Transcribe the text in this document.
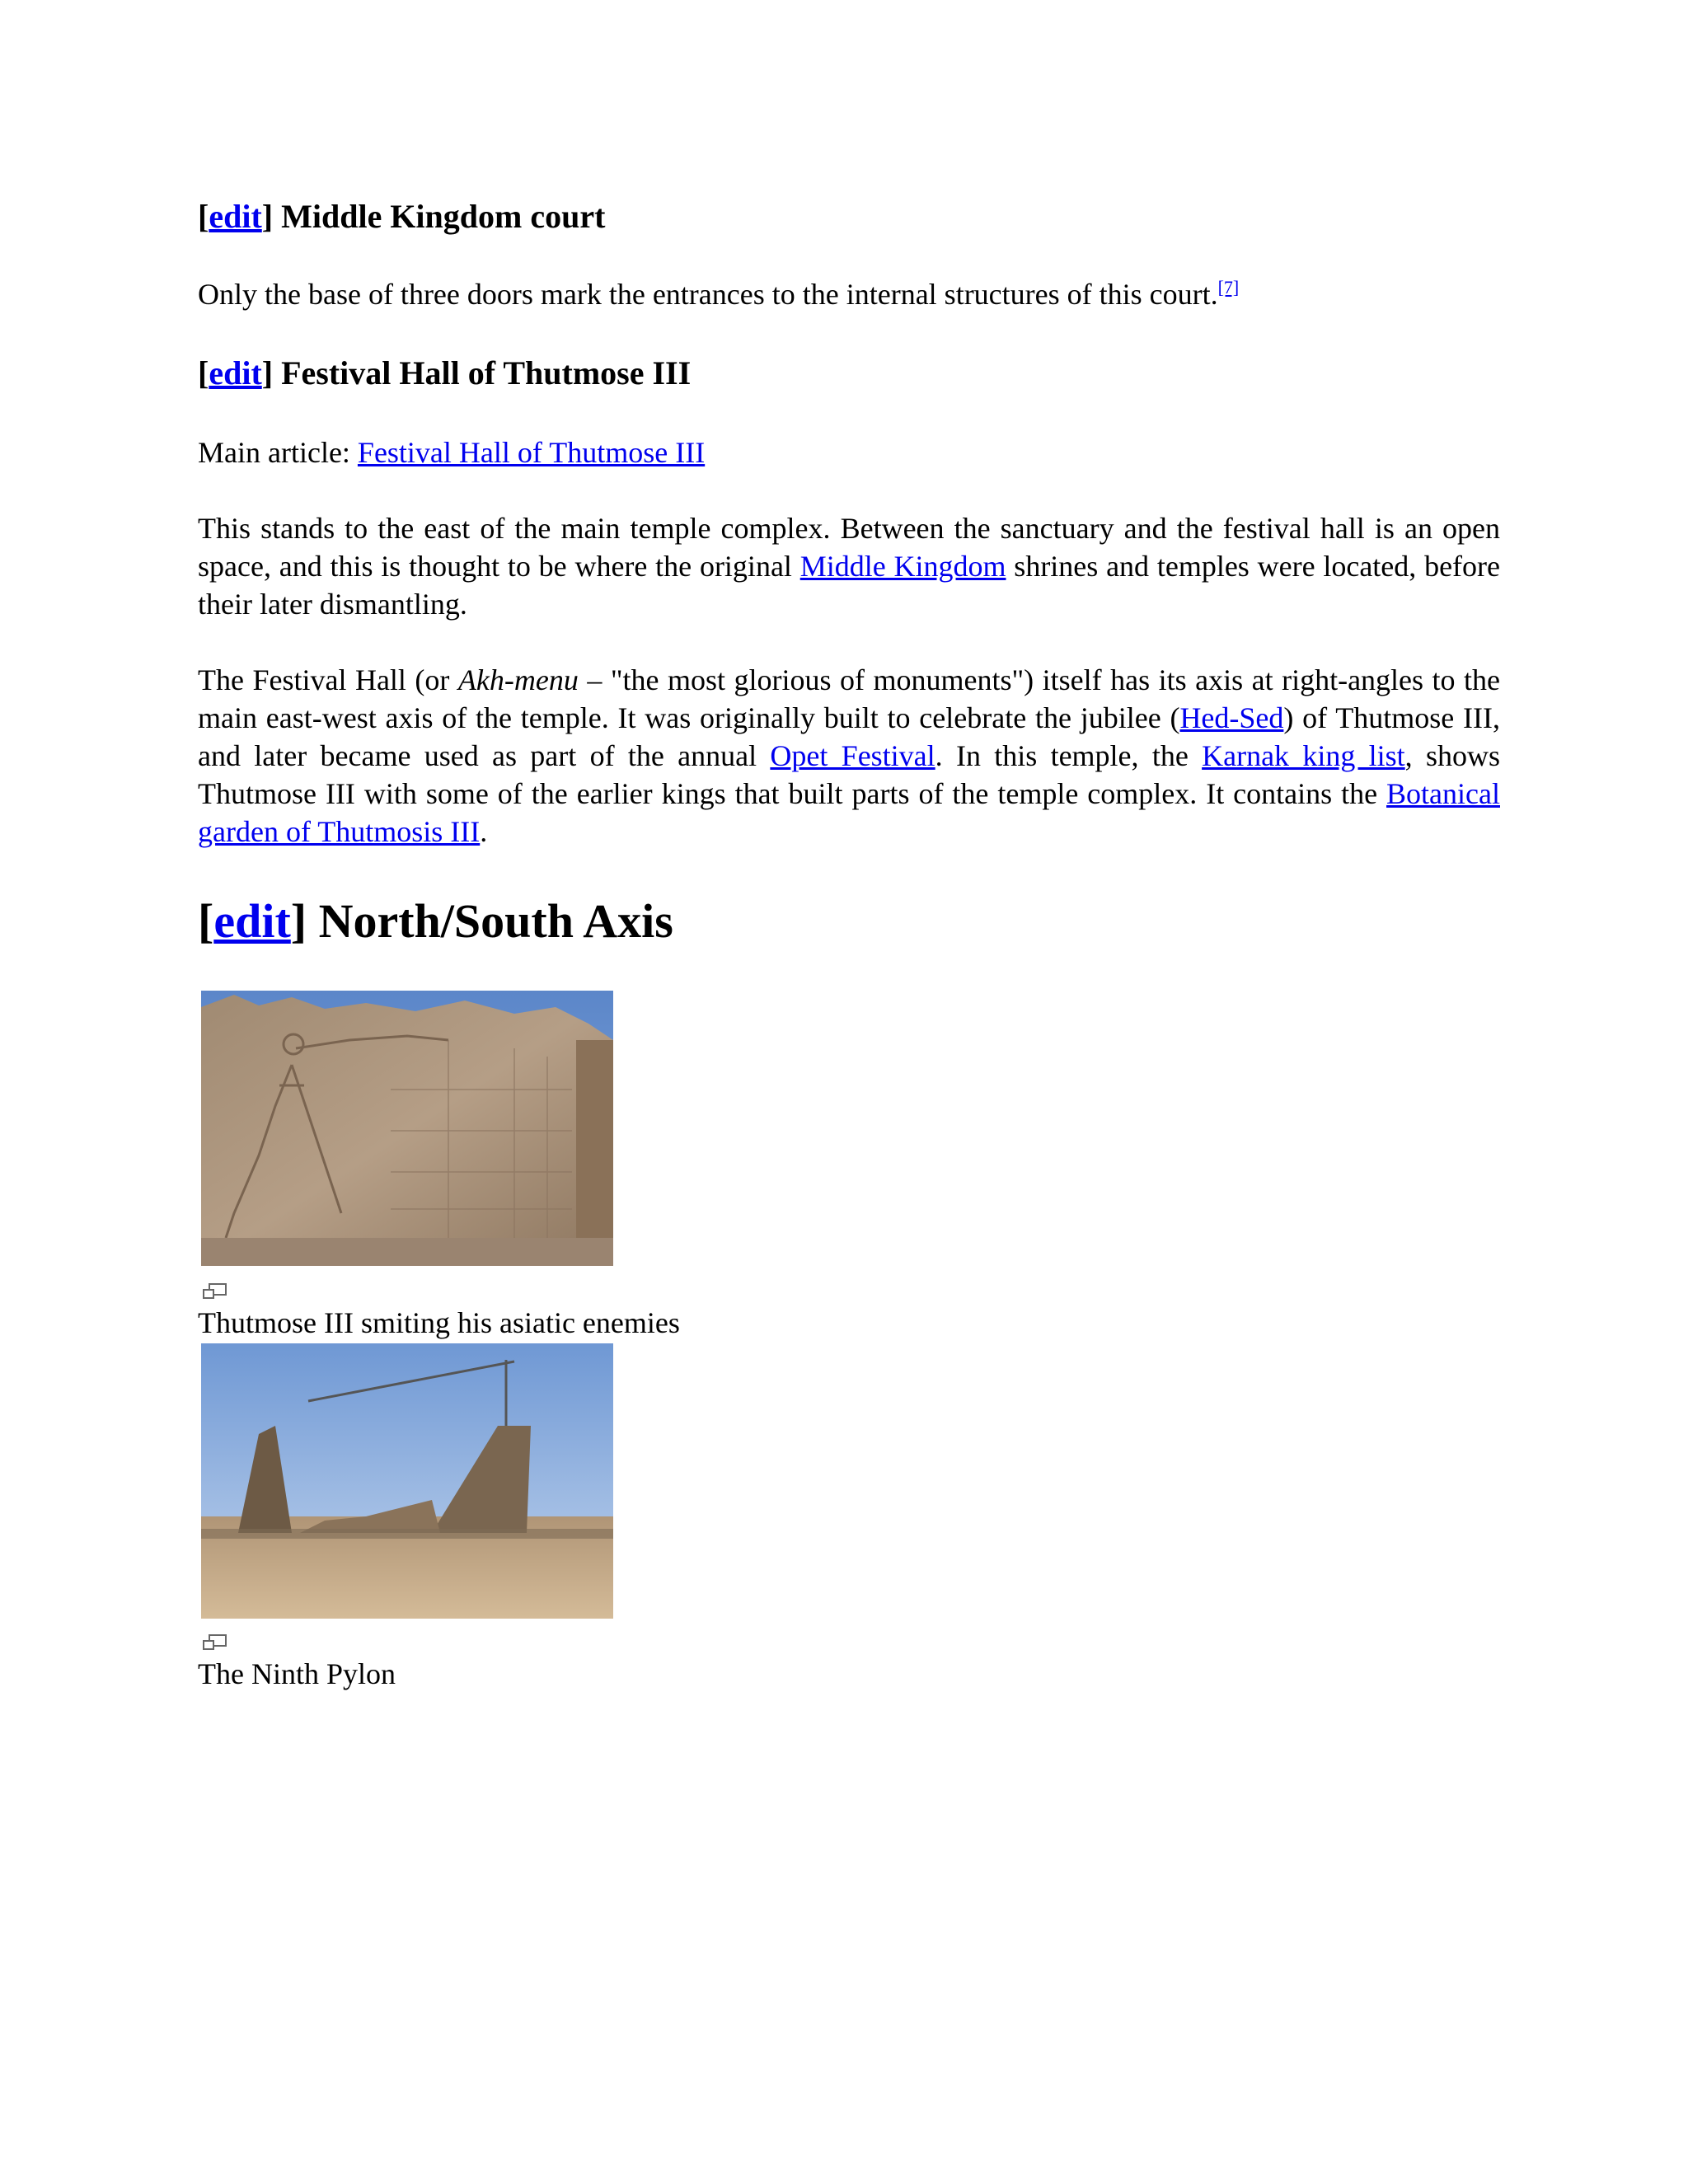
[edit] Middle Kingdom court

Only the base of three doors mark the entrances to the internal structures of this court.[7]

[edit] Festival Hall of Thutmose III

Main article: Festival Hall of Thutmose III

This stands to the east of the main temple complex. Between the sanctuary and the festival hall is an open space, and this is thought to be where the original Middle Kingdom shrines and temples were located, before their later dismantling.

The Festival Hall (or Akh-menu – "the most glorious of monuments") itself has its axis at right-angles to the main east-west axis of the temple. It was originally built to celebrate the jubilee (Hed-Sed) of Thutmose III, and later became used as part of the annual Opet Festival. In this temple, the Karnak king list, shows Thutmose III with some of the earlier kings that built parts of the temple complex. It contains the Botanical garden of Thutmosis III.

[edit] North/South Axis

Thutmose III smiting his asiatic enemies

The Ninth Pylon
